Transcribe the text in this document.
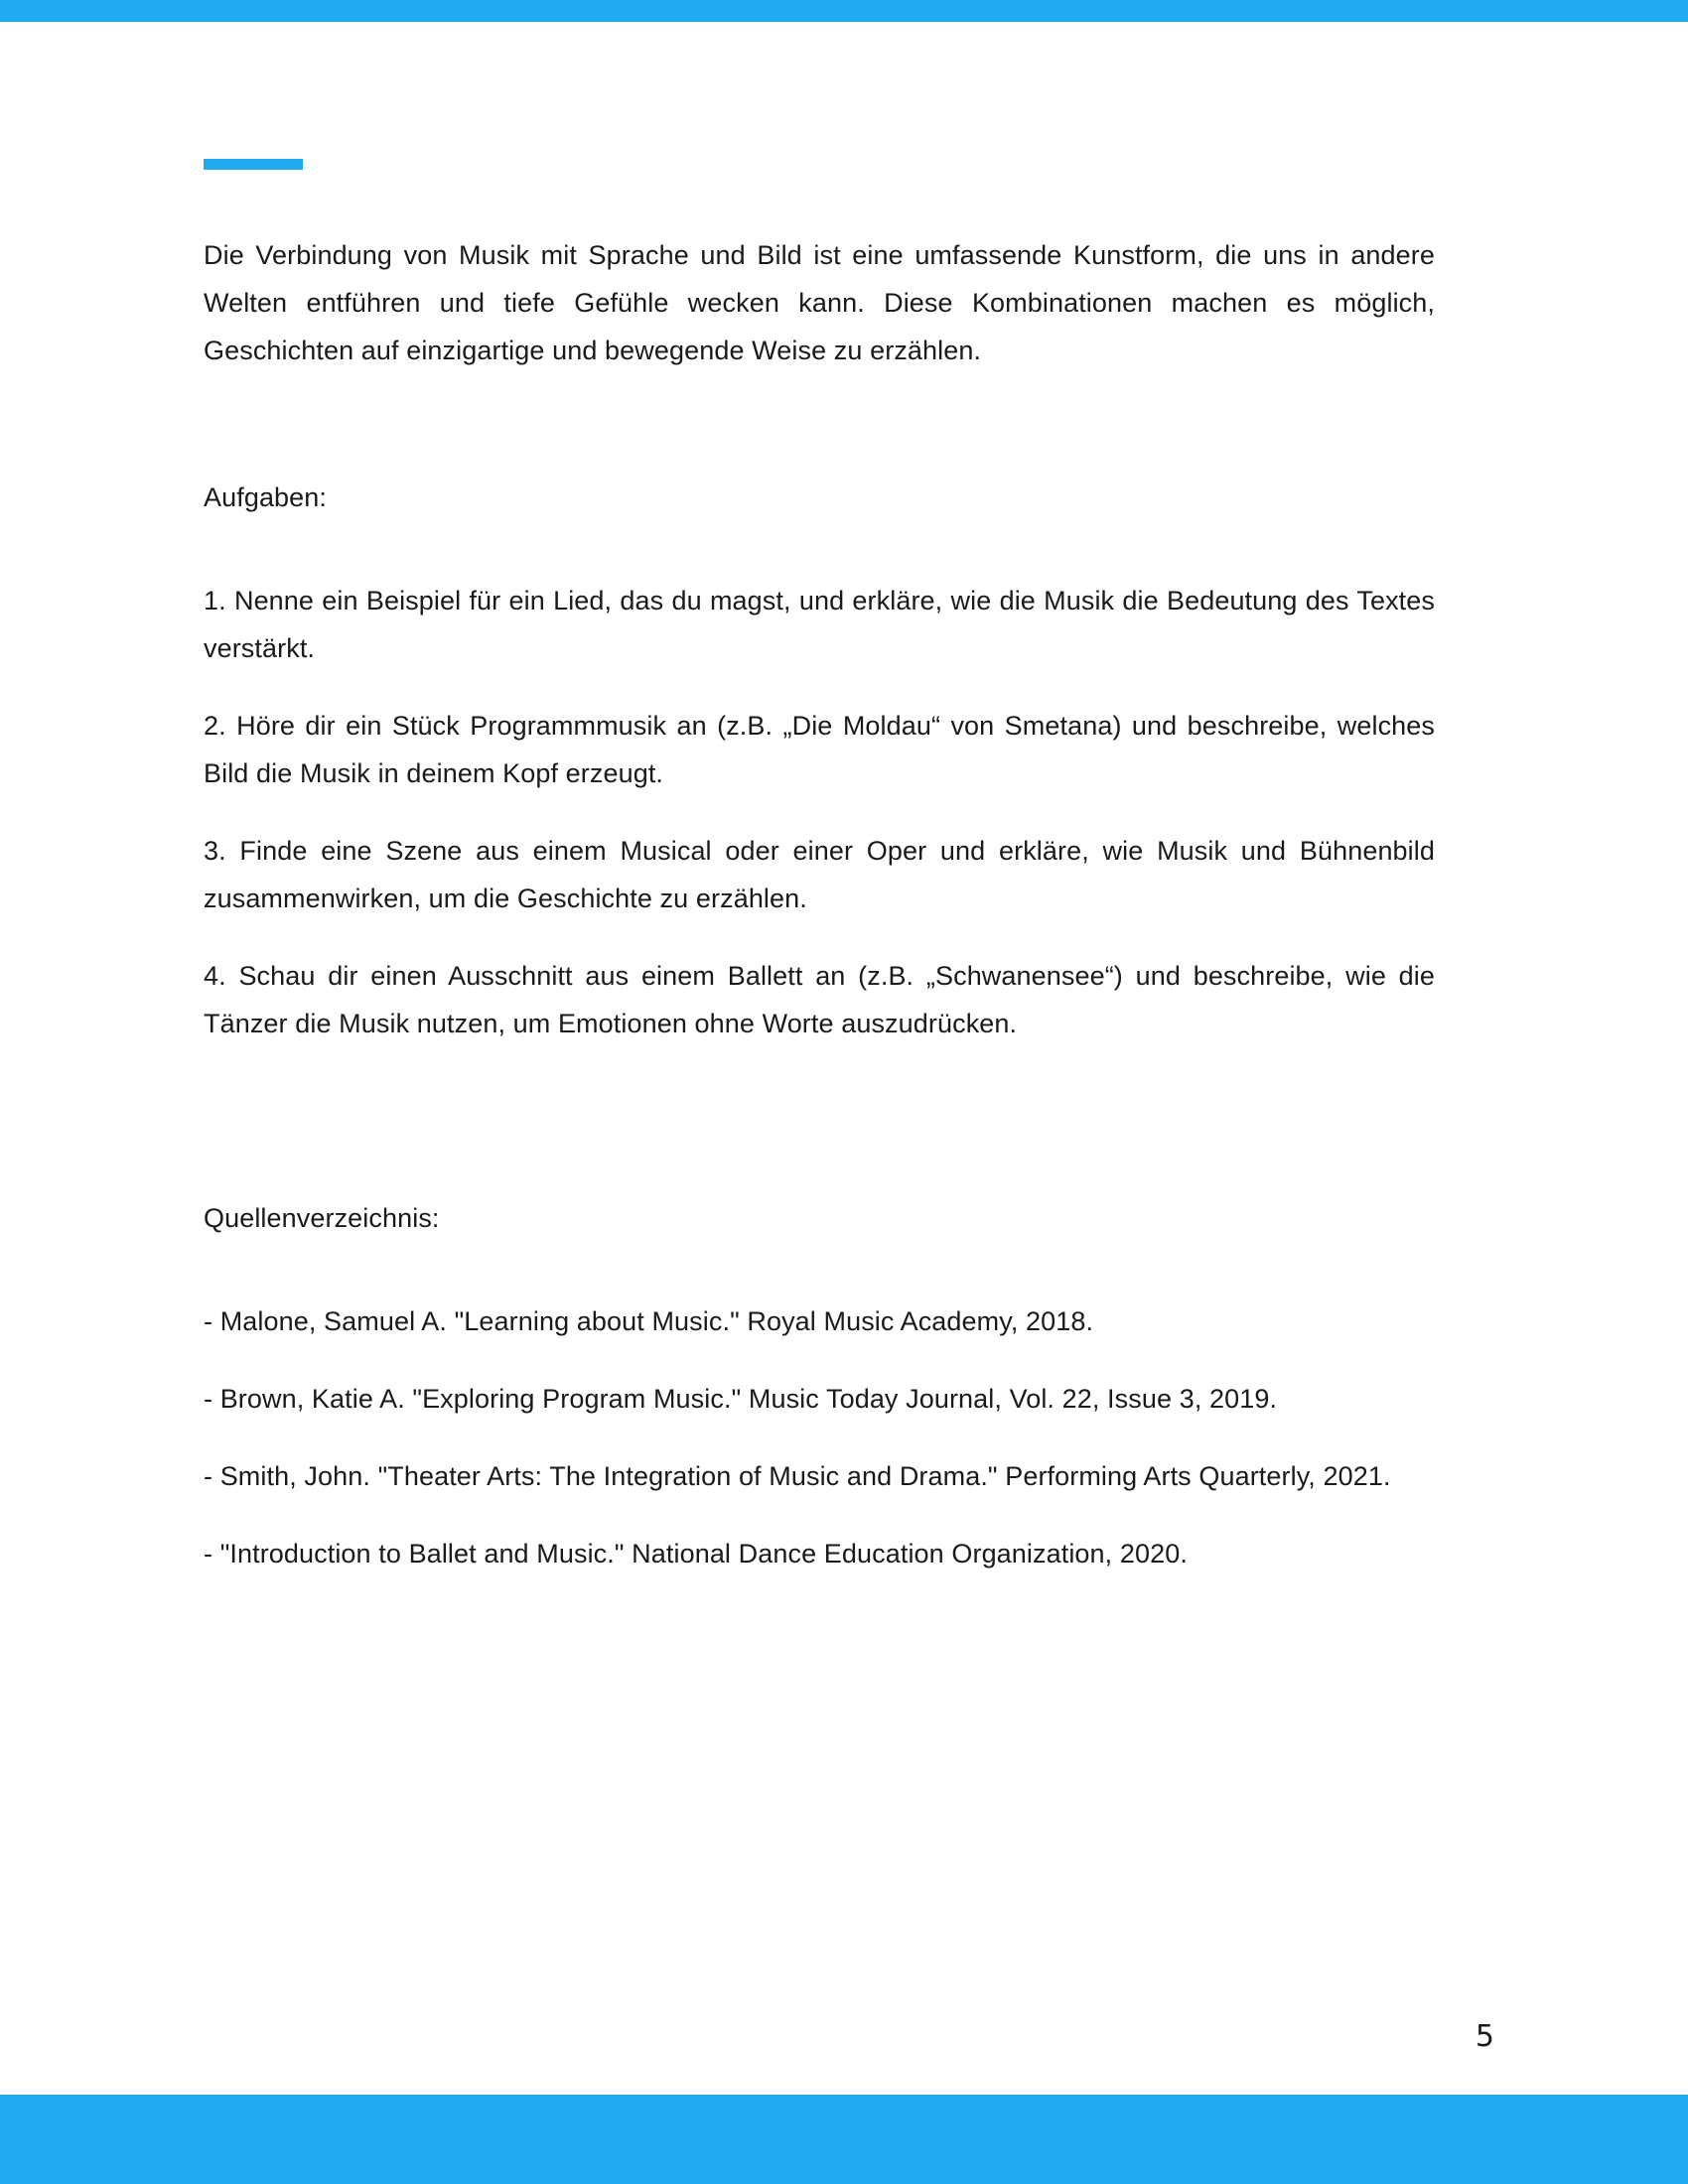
Die Verbindung von Musik mit Sprache und Bild ist eine umfassende Kunstform, die uns in andere Welten entführen und tiefe Gefühle wecken kann. Diese Kombinationen machen es möglich, Geschichten auf einzigartige und bewegende Weise zu erzählen.

Aufgaben:

1. Nenne ein Beispiel für ein Lied, das du magst, und erkläre, wie die Musik die Bedeutung des Textes verstärkt.

2. Höre dir ein Stück Programmmusik an (z.B. „Die Moldau“ von Smetana) und beschreibe, welches Bild die Musik in deinem Kopf erzeugt.

3. Finde eine Szene aus einem Musical oder einer Oper und erkläre, wie Musik und Bühnenbild zusammenwirken, um die Geschichte zu erzählen.

4. Schau dir einen Ausschnitt aus einem Ballett an (z.B. „Schwanensee“) und beschreibe, wie die Tänzer die Musik nutzen, um Emotionen ohne Worte auszudrücken.

Quellenverzeichnis:

- Malone, Samuel A. "Learning about Music." Royal Music Academy, 2018.

- Brown, Katie A. "Exploring Program Music." Music Today Journal, Vol. 22, Issue 3, 2019.

- Smith, John. "Theater Arts: The Integration of Music and Drama." Performing Arts Quarterly, 2021.

- "Introduction to Ballet and Music." National Dance Education Organization, 2020.

5
